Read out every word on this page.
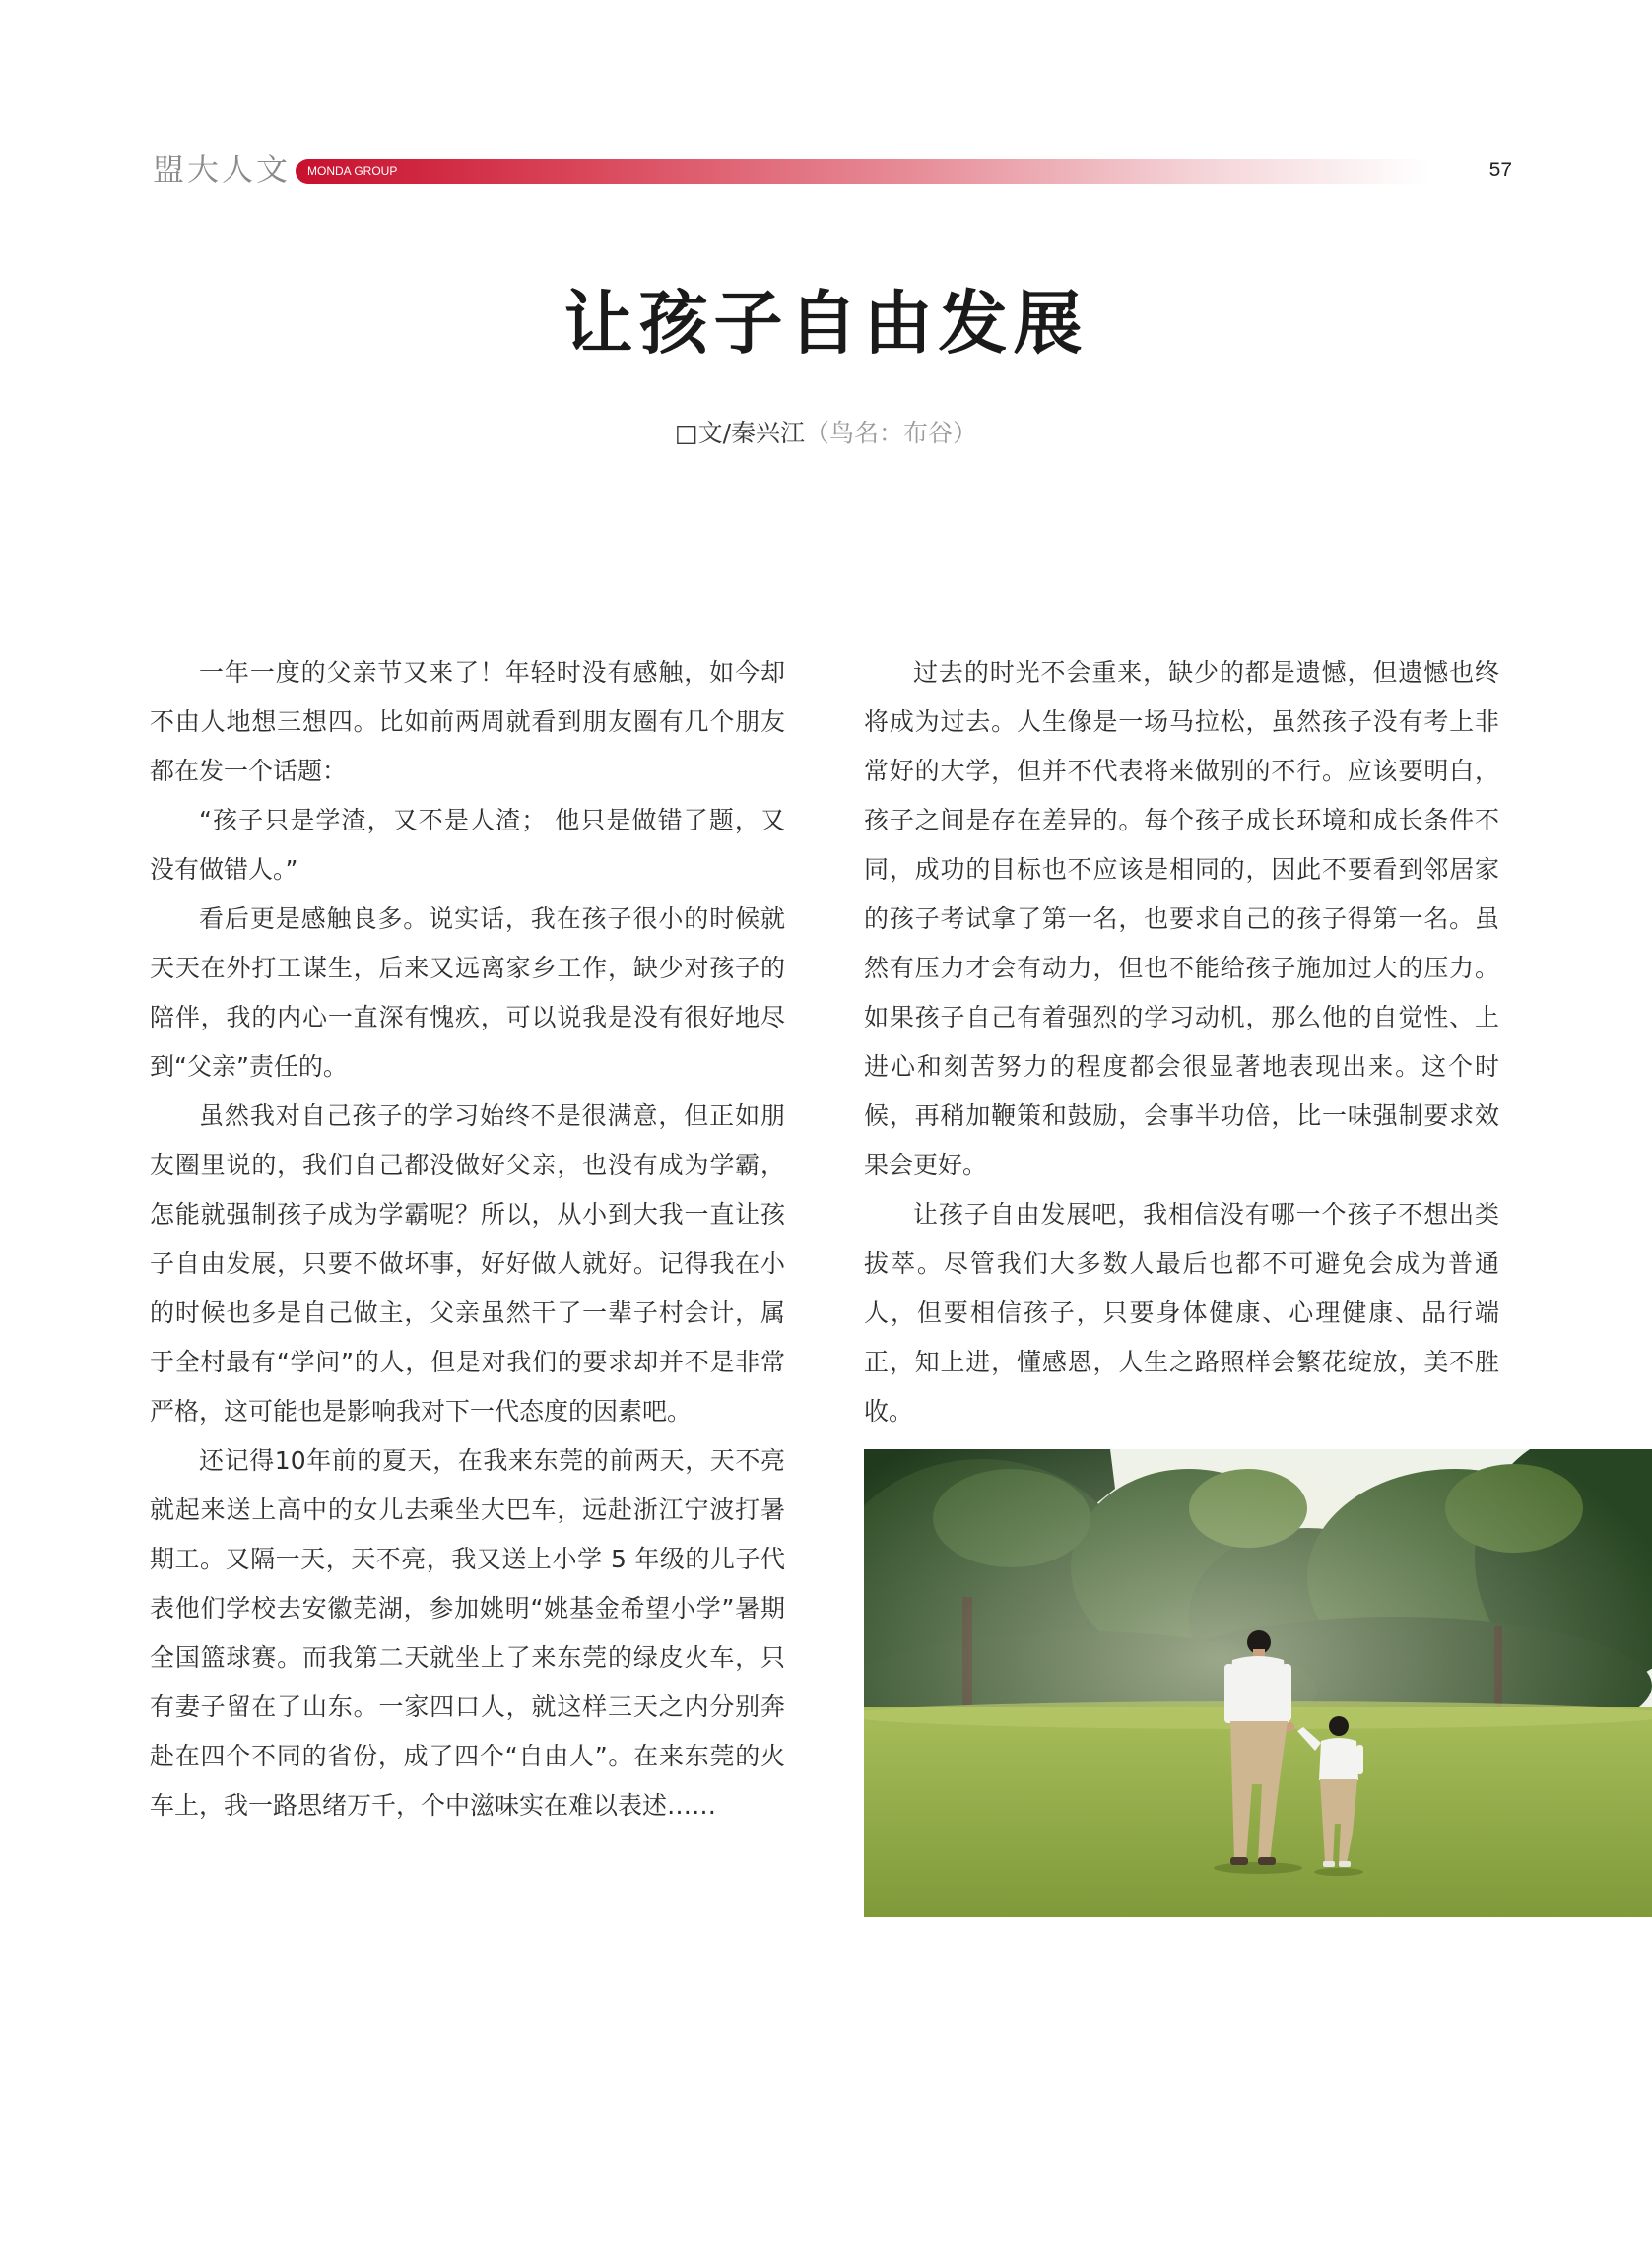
盟大人文 MONDA GROUP	57
让孩子自由发展
□文/秦兴江（鸟名：布谷）

一年一度的父亲节又来了！年轻时没有感触，如今却不由人地想三想四。比如前两周就看到朋友圈有几个朋友都在发一个话题：

“孩子只是学渣，又不是人渣； 他只是做错了题，又没有做错人。”

看后更是感触良多。说实话，我在孩子很小的时候就天天在外打工谋生，后来又远离家乡工作，缺少对孩子的陪伴，我的内心一直深有愧疚，可以说我是没有很好地尽到“父亲”责任的。

虽然我对自己孩子的学习始终不是很满意，但正如朋友圈里说的，我们自己都没做好父亲，也没有成为学霸，怎能就强制孩子成为学霸呢？所以，从小到大我一直让孩子自由发展，只要不做坏事，好好做人就好。记得我在小的时候也多是自己做主，父亲虽然干了一辈子村会计，属于全村最有“学问”的人，但是对我们的要求却并不是非常严格，这可能也是影响我对下一代态度的因素吧。

还记得10年前的夏天，在我来东莞的前两天，天不亮就起来送上高中的女儿去乘坐大巴车，远赴浙江宁波打暑期工。又隔一天，天不亮，我又送上小学 5 年级的儿子代表他们学校去安徽芜湖，参加姚明“姚基金希望小学”暑期全国篮球赛。而我第二天就坐上了来东莞的绿皮火车，只有妻子留在了山东。一家四口人，就这样三天之内分别奔赴在四个不同的省份，成了四个“自由人”。在来东莞的火车上，我一路思绪万千，个中滋味实在难以表述……

过去的时光不会重来，缺少的都是遗憾，但遗憾也终将成为过去。人生像是一场马拉松，虽然孩子没有考上非常好的大学，但并不代表将来做别的不行。应该要明白，孩子之间是存在差异的。每个孩子成长环境和成长条件不同，成功的目标也不应该是相同的，因此不要看到邻居家的孩子考试拿了第一名，也要求自己的孩子得第一名。虽然有压力才会有动力，但也不能给孩子施加过大的压力。如果孩子自己有着强烈的学习动机，那么他的自觉性、上进心和刻苦努力的程度都会很显著地表现出来。这个时候，再稍加鞭策和鼓励，会事半功倍，比一味强制要求效果会更好。

让孩子自由发展吧，我相信没有哪一个孩子不想出类拔萃。尽管我们大多数人最后也都不可避免会成为普通人，但要相信孩子，只要身体健康、心理健康、品行端正，知上进，懂感恩，人生之路照样会繁花绽放，美不胜收。
